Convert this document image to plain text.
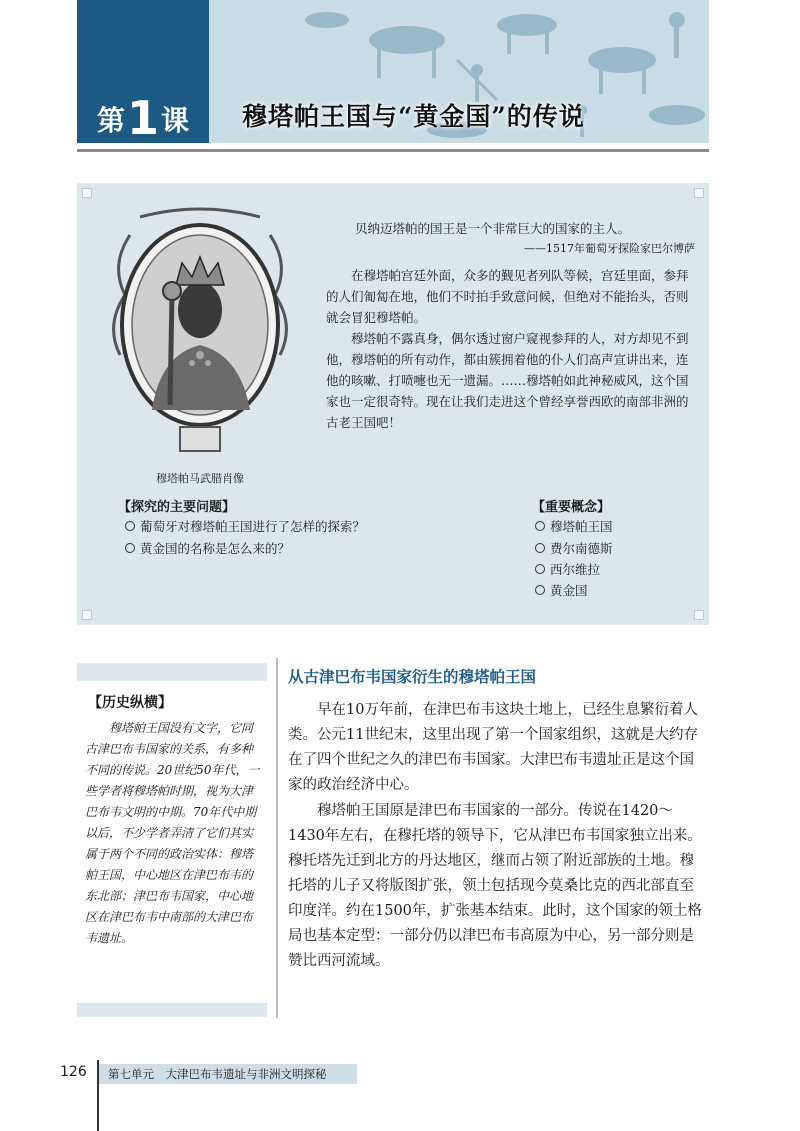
第1课	穆塔帕王国与“黄金国”的传说
穆塔帕马武腊肖像
贝纳迈塔帕的国王是一个非常巨大的国家的主人。
——1517年葡萄牙探险家巴尔博萨

在穆塔帕宫廷外面，众多的觐见者列队等候，宫廷里面，参拜的人们匍匐在地，他们不时拍手致意问候，但绝对不能抬头，否则就会冒犯穆塔帕。

穆塔帕不露真身，偶尔透过窗户窥视参拜的人，对方却见不到他，穆塔帕的所有动作，都由簇拥着他的仆人们高声宣讲出来，连他的咳嗽、打喷嚏也无一遗漏。……穆塔帕如此神秘威风，这个国家也一定很奇特。现在让我们走进这个曾经享誉西欧的南部非洲的古老王国吧！

【探究的主要问题】
葡萄牙对穆塔帕王国进行了怎样的探索？
黄金国的名称是怎么来的？
【重要概念】
穆塔帕王国
费尔南德斯
西尔维拉
黄金国
【历史纵横】

穆塔帕王国没有文字，它同古津巴布韦国家的关系，有多种不同的传说。20世纪50年代，一些学者将穆塔帕时期，视为大津巴布韦文明的中期。70年代中期以后，不少学者弄清了它们其实属于两个不同的政治实体：穆塔帕王国，中心地区在津巴布韦的东北部；津巴布韦国家，中心地区在津巴布韦中南部的大津巴布韦遗址。

从古津巴布韦国家衍生的穆塔帕王国

早在10万年前，在津巴布韦这块土地上，已经生息繁衍着人类。公元11世纪末，这里出现了第一个国家组织，这就是大约存在了四个世纪之久的津巴布韦国家。大津巴布韦遗址正是这个国家的政治经济中心。

穆塔帕王国原是津巴布韦国家的一部分。传说在1420～1430年左右，在穆托塔的领导下，它从津巴布韦国家独立出来。穆托塔先迁到北方的丹达地区，继而占领了附近部族的土地。穆托塔的儿子又将版图扩张，领土包括现今莫桑比克的西北部直至印度洋。约在1500年，扩张基本结束。此时，这个国家的领土格局也基本定型：一部分仍以津巴布韦高原为中心，另一部分则是赞比西河流域。

126 第七单元　大津巴布韦遗址与非洲文明探秘
